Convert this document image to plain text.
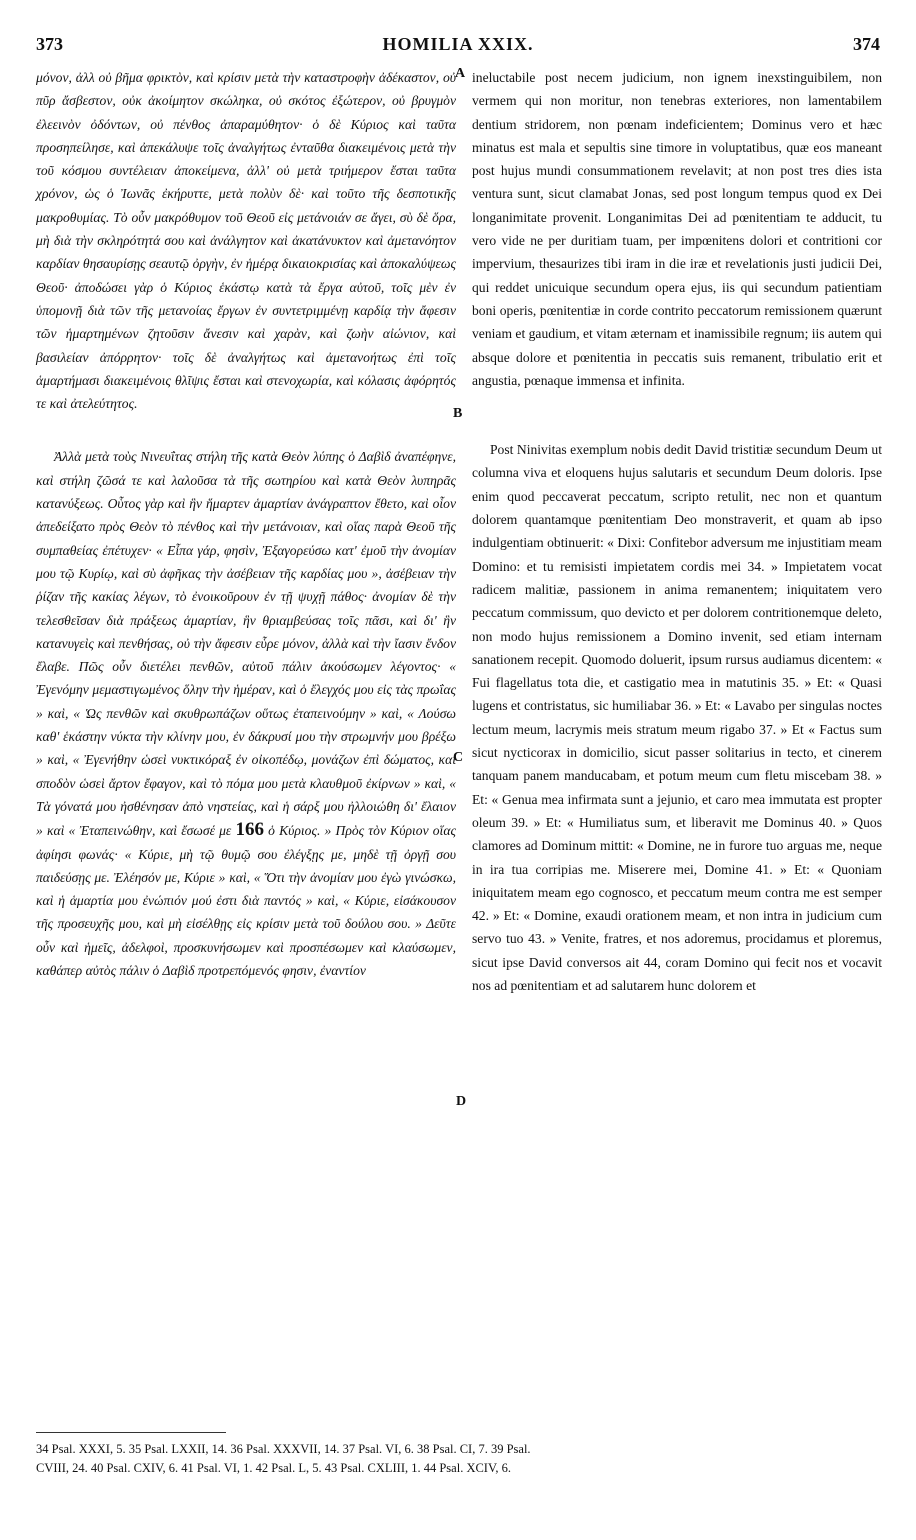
373	HOMILIA XXIX.	374

μόνον, ἀλλ οὐ βῆμα φρικτὸν, καὶ κρίσιν μετὰ τὴν καταστροφὴν ἀδέκαστον, οὐ πῦρ ἄσβεστον, οὐκ ἀκοίμητον σκώληκα, οὐ σκότος ἐξώτερον, οὐ βρυγμὸν ἐλεεινὸν ὀδόντων, οὐ πένθος ἀπαραμύθητον· ὁ δὲ Κύριος καὶ ταῦτα προσηπείλησε, καὶ ἀπεκάλυψε τοῖς ἀναλγήτως ἐνταῦθα διακειμένοις μετὰ τὴν τοῦ κόσμου συντέλειαν ἀποκείμενα, ἀλλ' οὐ μετὰ τριήμερον ἔσται ταῦτα χρόνον, ὡς ὁ Ἰωνᾶς ἐκήρυττε, μετὰ πολὺν δὲ· καὶ τοῦτο τῆς δεσποτικῆς μακροθυμίας. Τὸ οὖν μακρόθυμον τοῦ Θεοῦ εἰς μετάνοιάν σε ἄγει, σὺ δὲ ὅρα, μὴ διὰ τὴν σκληρότητά σου καὶ ἀνάλγητον καὶ ἀκατάνυκτον καὶ ἀμετανόητον καρδίαν θησαυρίσῃς σεαυτῷ ὀργὴν, ἐν ἡμέρᾳ δικαιοκρισίας καὶ ἀποκαλύψεως Θεοῦ· ἀποδώσει γὰρ ὁ Κύριος ἑκάστῳ κατὰ τὰ ἔργα αὐτοῦ, τοῖς μὲν ἐν ὑπομονῇ διὰ τῶν τῆς μετανοίας ἔργων ἐν συντετριμμένῃ καρδίᾳ τὴν ἄφεσιν τῶν ἡμαρτημένων ζητοῦσιν ἄνεσιν καὶ χαρὰν, καὶ ζωὴν αἰώνιον, καὶ βασιλείαν ἀπόρρητον· τοῖς δὲ ἀναλγήτως καὶ ἀμετανοήτως ἐπὶ τοῖς ἁμαρτήμασι διακειμένοις θλῖψις ἔσται καὶ στενοχωρία, καὶ κόλασις ἀφόρητός τε καὶ ἀτελεύτητος.

Ἀλλὰ μετὰ τοὺς Νινευΐτας στήλη τῆς κατὰ Θεὸν λύπης ὁ Δαβὶδ ἀναπέφηνε, καὶ στήλη ζῶσά τε καὶ λαλοῦσα τὰ τῆς σωτηρίου καὶ κατὰ Θεὸν λυπηρᾶς κατανύξεως. Οὗτος γὰρ καὶ ἣν ἥμαρτεν ἁμαρτίαν ἀνάγραπτον ἔθετο, καὶ οἷον ἀπεδείξατο πρὸς Θεὸν τὸ πένθος καὶ τὴν μετάνοιαν, καὶ οἵας παρὰ Θεοῦ τῆς συμπαθείας ἐπέτυχεν· « Εἶπα γάρ, φησὶν, Ἐξαγορεύσω κατ' ἐμοῦ τὴν ἀνομίαν μου τῷ Κυρίῳ, καὶ σὺ ἀφῆκας τὴν ἀσέβειαν τῆς καρδίας μου », ἀσέβειαν τὴν ῥίζαν τῆς κακίας λέγων, τὸ ἐνοικοῦρουν ἐν τῇ ψυχῇ πάθος· ἀνομίαν δὲ τὴν τελεσθεῖσαν διὰ πράξεως ἁμαρτίαν, ἣν θριαμβεύσας τοῖς πᾶσι, καὶ δι' ἣν κατανυγεὶς καὶ πενθήσας, οὐ τὴν ἄφεσιν εὗρε μόνον, ἀλλὰ καὶ τὴν ἴασιν ἔνδον ἔλαβε. Πῶς οὖν διετέλει πενθῶν, αὐτοῦ πάλιν ἀκούσωμεν λέγοντος· « Ἐγενόμην μεμαστιγωμένος ὅλην τὴν ἡμέραν, καὶ ὁ ἔλεγχός μου εἰς τὰς πρωΐας » καὶ, « Ὡς πενθῶν καὶ σκυθρωπάζων οὕτως ἐταπεινούμην » καὶ, « Λούσω καθ' ἑκάστην νύκτα τὴν κλίνην μου, ἐν δάκρυσί μου τὴν στρωμνήν μου βρέξω » καὶ, « Ἐγενήθην ὡσεὶ νυκτικόραξ ἐν οἰκοπέδῳ, μονάζων ἐπὶ δώματος, καὶ σποδὸν ὡσεὶ ἄρτον ἔφαγον, καὶ τὸ πόμα μου μετὰ κλαυθμοῦ ἐκίρνων » καὶ, « Τὰ γόνατά μου ἠσθένησαν ἀπὸ νηστείας, καὶ ἡ σάρξ μου ἠλλοιώθη δι' ἔλαιον » καὶ « Ἐταπεινώθην, καὶ ἔσωσέ με 166 ὁ Κύριος. » Πρὸς τὸν Κύριον οἵας ἀφίησι φωνάς· « Κύριε, μὴ τῷ θυμῷ σου ἐλέγξῃς με, μηδὲ τῇ ὀργῇ σου παιδεύσῃς με. Ἐλέησόν με, Κύριε » καὶ, « Ὅτι τὴν ἀνομίαν μου ἐγὼ γινώσκω, καὶ ἡ ἁμαρτία μου ἐνώπιόν μού ἐστι διὰ παντός » καὶ, « Κύριε, εἰσάκουσον τῆς προσευχῆς μου, καὶ μὴ εἰσέλθῃς εἰς κρίσιν μετὰ τοῦ δούλου σου. » Δεῦτε οὖν καὶ ἡμεῖς, ἀδελφοὶ, προσκυνήσωμεν καὶ προσπέσωμεν καὶ κλαύσωμεν, καθάπερ αὐτὸς πάλιν ὁ Δαβὶδ προτρεπόμενός φησιν, ἐναντίον

A
B
C
D

ineluctabile post necem judicium, non ignem inexstinguibilem, non vermem qui non moritur, non tenebras exteriores, non lamentabilem dentium stridorem, non pœnam indeficientem; Dominus vero et hæc minatus est mala et sepultis sine timore in voluptatibus, quæ eos maneant post hujus mundi consummationem revelavit; at non post tres dies ista ventura sunt, sicut clamabat Jonas, sed post longum tempus quod ex Dei longanimitate provenit. Longanimitas Dei ad pœnitentiam te adducit, tu vero vide ne per duritiam tuam, per impœnitens dolori et contritioni cor impervium, thesaurizes tibi iram in die iræ et revelationis justi judicii Dei, qui reddet unicuique secundum opera ejus, iis qui secundum patientiam boni operis, pœnitentiæ in corde contrito peccatorum remissionem quærunt veniam et gaudium, et vitam æternam et inamissibile regnum; iis autem qui absque dolore et pœnitentia in peccatis suis remanent, tribulatio erit et angustia, pœnaque immensa et infinita.

Post Ninivitas exemplum nobis dedit David tristitiæ secundum Deum ut columna viva et eloquens hujus salutaris et secundum Deum doloris. Ipse enim quod peccaverat peccatum, scripto retulit, nec non et quantum dolorem quantamque pœnitentiam Deo monstraverit, et quam ab ipso indulgentiam obtinuerit: « Dixi: Confitebor adversum me injustitiam meam Domino: et tu remisisti impietatem cordis mei 34. » Impietatem vocat radicem malitiæ, passionem in anima remanentem; iniquitatem vero peccatum commissum, quo devicto et per dolorem contritionemque deleto, non modo hujus remissionem a Domino invenit, sed etiam internam sanationem recepit. Quomodo doluerit, ipsum rursus audiamus dicentem: « Fui flagellatus tota die, et castigatio mea in matutinis 35. » Et: « Quasi lugens et contristatus, sic humiliabar 36. » Et: « Lavabo per singulas noctes lectum meum, lacrymis meis stratum meum rigabo 37. » Et « Factus sum sicut nycticorax in domicilio, sicut passer solitarius in tecto, et cinerem tanquam panem manducabam, et potum meum cum fletu miscebam 38. » Et: « Genua mea infirmata sunt a jejunio, et caro mea immutata est propter oleum 39. » Et: « Humiliatus sum, et liberavit me Dominus 40. » Quos clamores ad Dominum mittit: « Domine, ne in furore tuo arguas me, neque in ira tua corripias me. Miserere mei, Domine 41. » Et: « Quoniam iniquitatem meam ego cognosco, et peccatum meum contra me est semper 42. » Et: « Domine, exaudi orationem meam, et non intra in judicium cum servo tuo 43. » Venite, fratres, et nos adoremus, procidamus et ploremus, sicut ipse David conversos ait 44, coram Domino qui fecit nos et vocavit nos ad pœnitentiam et ad salutarem hunc dolorem et

34 Psal. XXXI, 5. 35 Psal. LXXII, 14. 36 Psal. XXXVII, 14. 37 Psal. VI, 6. 38 Psal. CI, 7. 39 Psal.
CVIII, 24. 40 Psal. CXIV, 6. 41 Psal. VI, 1. 42 Psal. L, 5. 43 Psal. CXLIII, 1. 44 Psal. XCIV, 6.
